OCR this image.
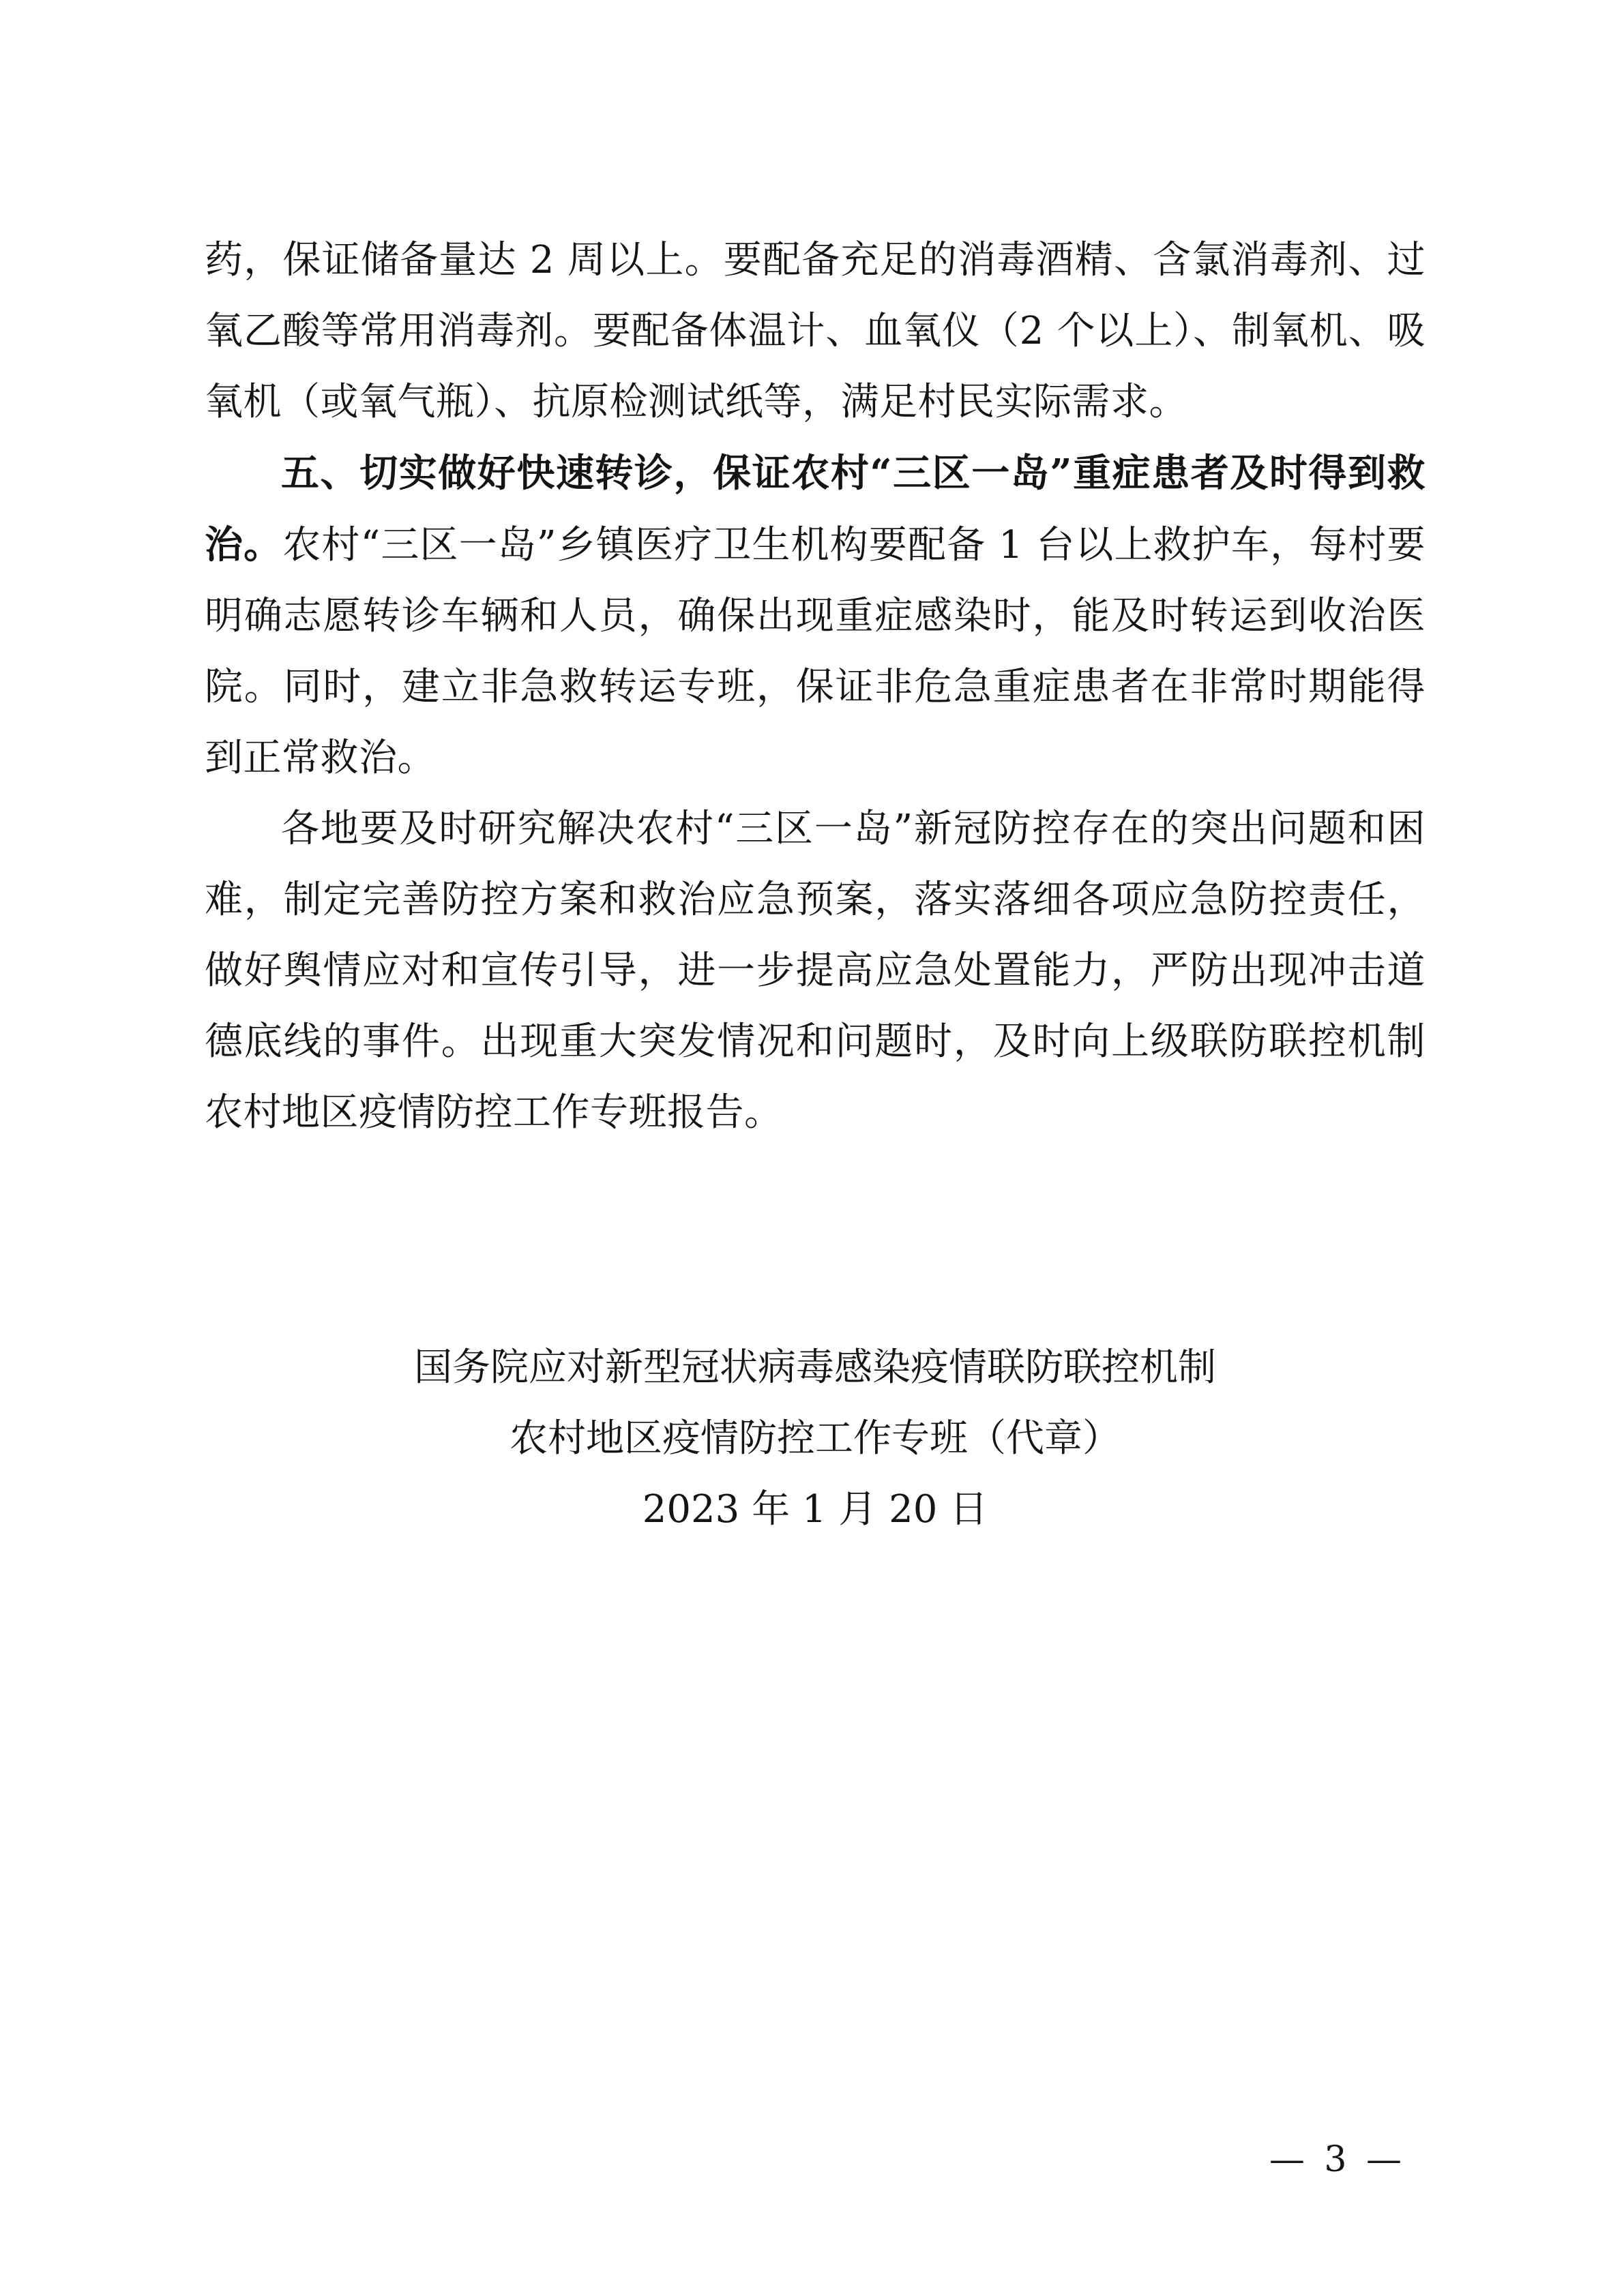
药，保证储备量达 2 周以上。要配备充足的消毒酒精、含氯消毒剂、过氧乙酸等常用消毒剂。要配备体温计、血氧仪（2 个以上）、制氧机、吸氧机（或氧气瓶）、抗原检测试纸等，满足村民实际需求。

五、切实做好快速转诊，保证农村“三区一岛”重症患者及时得到救治。农村“三区一岛”乡镇医疗卫生机构要配备 1 台以上救护车，每村要明确志愿转诊车辆和人员，确保出现重症感染时，能及时转运到收治医院。同时，建立非急救转运专班，保证非危急重症患者在非常时期能得到正常救治。

各地要及时研究解决农村“三区一岛”新冠防控存在的突出问题和困难，制定完善防控方案和救治应急预案，落实落细各项应急防控责任，做好舆情应对和宣传引导，进一步提高应急处置能力，严防出现冲击道德底线的事件。出现重大突发情况和问题时，及时向上级联防联控机制农村地区疫情防控工作专班报告。

国务院应对新型冠状病毒感染疫情联防联控机制
农村地区疫情防控工作专班（代章）
2023 年 1 月 20 日
— 3 —
